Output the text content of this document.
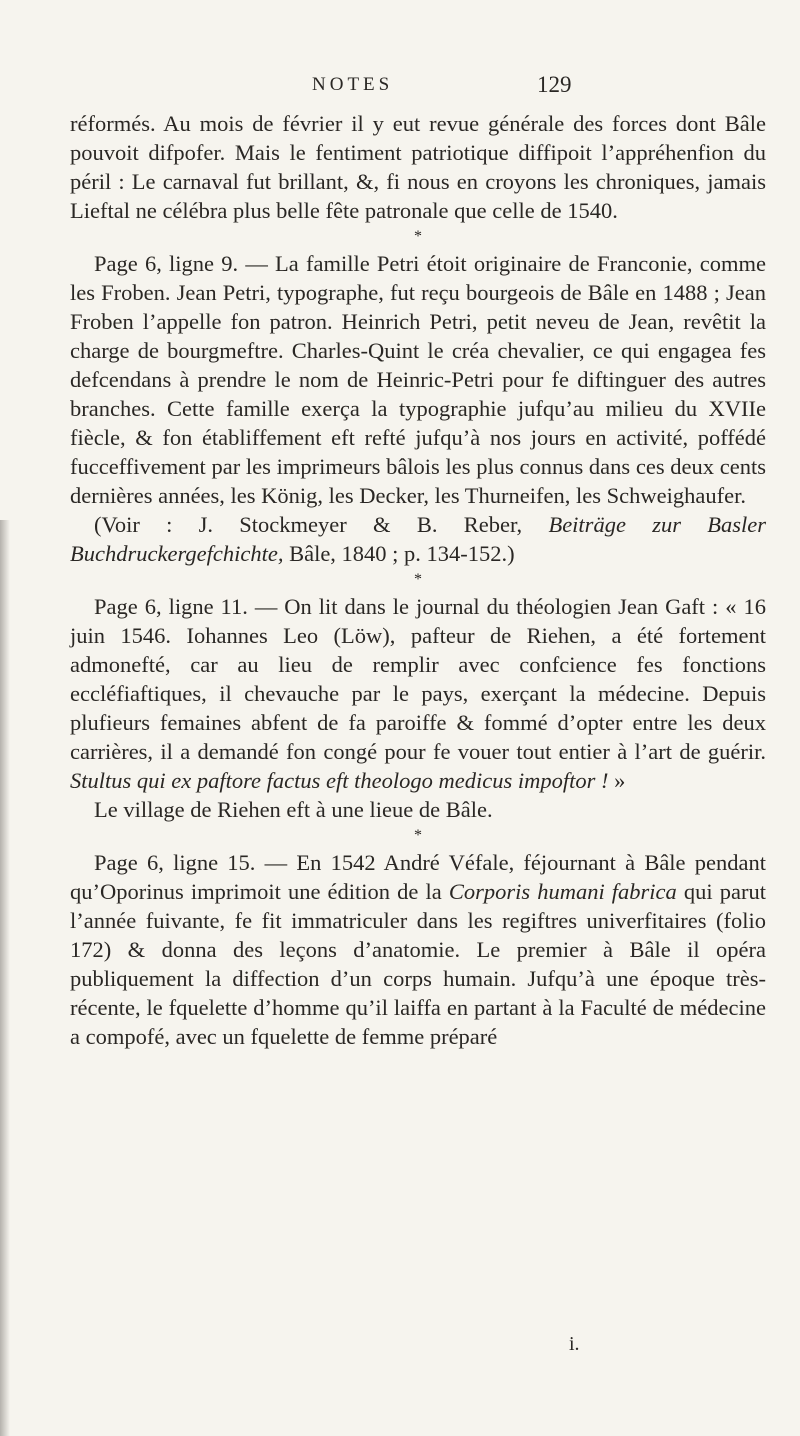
NOTES	129

réformés. Au mois de février il y eut revue générale des forces dont Bâle pouvoit difpofer. Mais le fentiment patriotique diffipoit l’appréhenfion du péril : Le carnaval fut brillant, &, fi nous en croyons les chroniques, jamais Lieftal ne célébra plus belle fête patronale que celle de 1540.

*

Page 6, ligne 9. — La famille Petri étoit originaire de Franconie, comme les Froben. Jean Petri, typographe, fut reçu bourgeois de Bâle en 1488 ; Jean Froben l’appelle fon patron. Heinrich Petri, petit neveu de Jean, revêtit la charge de bourgmeftre. Charles-Quint le créa chevalier, ce qui engagea fes defcendans à prendre le nom de Heinric-Petri pour fe diftinguer des autres branches. Cette famille exerça la typographie jufqu’au milieu du XVIIe fiècle, & fon établiffement eft refté jufqu’à nos jours en activité, poffédé fucceffivement par les imprimeurs bâlois les plus connus dans ces deux cents dernières années, les König, les Decker, les Thurneifen, les Schweighaufer.

(Voir : J. Stockmeyer & B. Reber, Beiträge zur Basler Buchdruckergefchichte, Bâle, 1840 ; p. 134-152.)

*

Page 6, ligne 11. — On lit dans le journal du théologien Jean Gaft : « 16 juin 1546. Iohannes Leo (Löw), pafteur de Riehen, a été fortement admonefté, car au lieu de remplir avec confcience fes fonctions eccléfiaftiques, il chevauche par le pays, exerçant la médecine. Depuis plufieurs femaines abfent de fa paroiffe & fommé d’opter entre les deux carrières, il a demandé fon congé pour fe vouer tout entier à l’art de guérir. Stultus qui ex paftore factus eft theologo medicus impoftor ! »

Le village de Riehen eft à une lieue de Bâle.

*

Page 6, ligne 15. — En 1542 André Véfale, féjournant à Bâle pendant qu’Oporinus imprimoit une édition de la Corporis humani fabrica qui parut l’année fuivante, fe fit immatriculer dans les regiftres univerfitaires (folio 172) & donna des leçons d’anatomie. Le premier à Bâle il opéra publiquement la diffection d’un corps humain. Jufqu’à une époque très-récente, le fquelette d’homme qu’il laiffa en partant à la Faculté de médecine a compofé, avec un fquelette de femme préparé

i.
